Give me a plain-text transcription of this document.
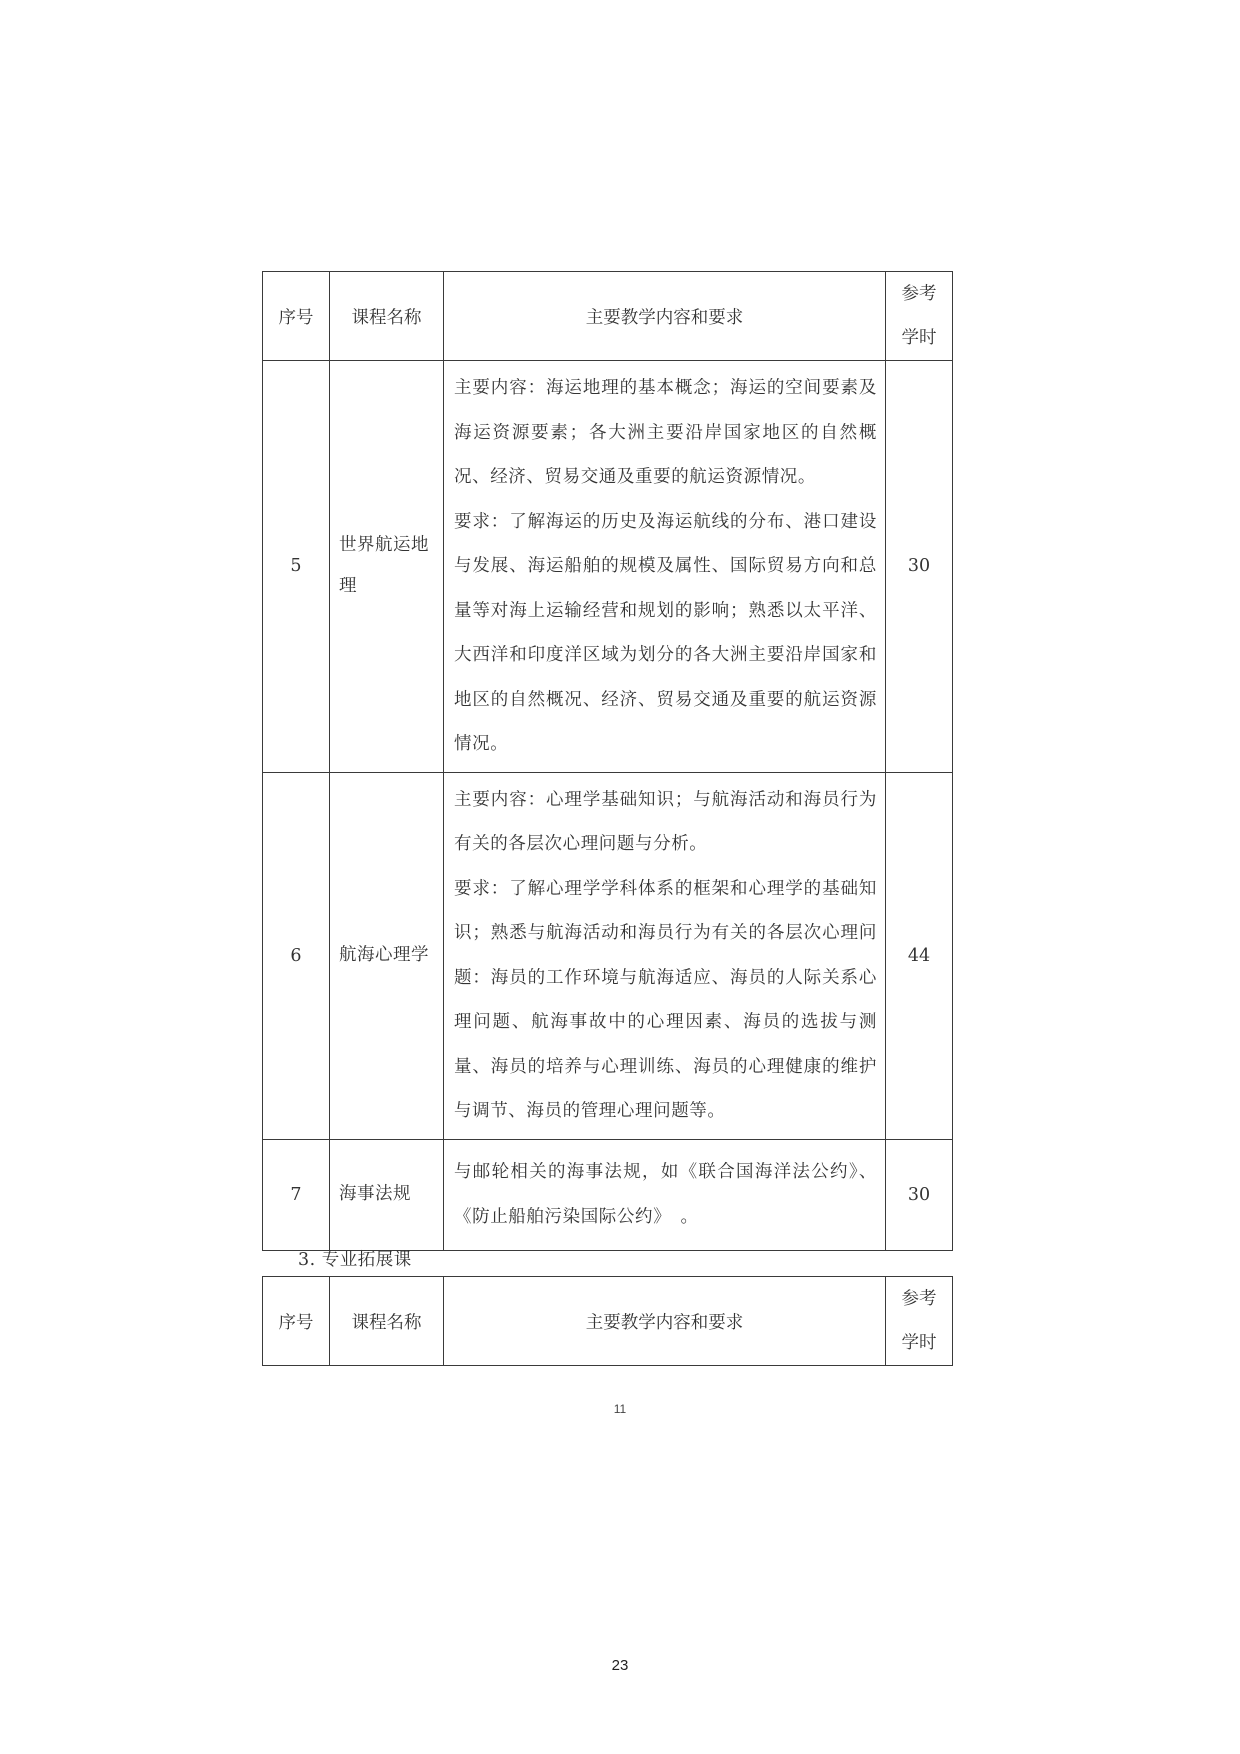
序号	课程名称	主要教学内容和要求	参考
学时

5	世界航运地理	主要内容：海运地理的基本概念；海运的空间要素及海运资源要素；各大洲主要沿岸国家地区的自然概况、经济、贸易交通及重要的航运资源情况。
要求：了解海运的历史及海运航线的分布、港口建设与发展、海运船舶的规模及属性、国际贸易方向和总量等对海上运输经营和规划的影响；熟悉以太平洋、大西洋和印度洋区域为划分的各大洲主要沿岸国家和地区的自然概况、经济、贸易交通及重要的航运资源情况。	30
6	航海心理学	主要内容：心理学基础知识；与航海活动和海员行为有关的各层次心理问题与分析。
要求：了解心理学学科体系的框架和心理学的基础知识；熟悉与航海活动和海员行为有关的各层次心理问题：海员的工作环境与航海适应、海员的人际关系心理问题、航海事故中的心理因素、海员的选拔与测量、海员的培养与心理训练、海员的心理健康的维护与调节、海员的管理心理问题等。	44
7	海事法规	与邮轮相关的海事法规，如《联合国海洋法公约》、《防止船舶污染国际公约》　。	30
3. 专业拓展课
序号	课程名称	主要教学内容和要求	
参考
学时
11
23
